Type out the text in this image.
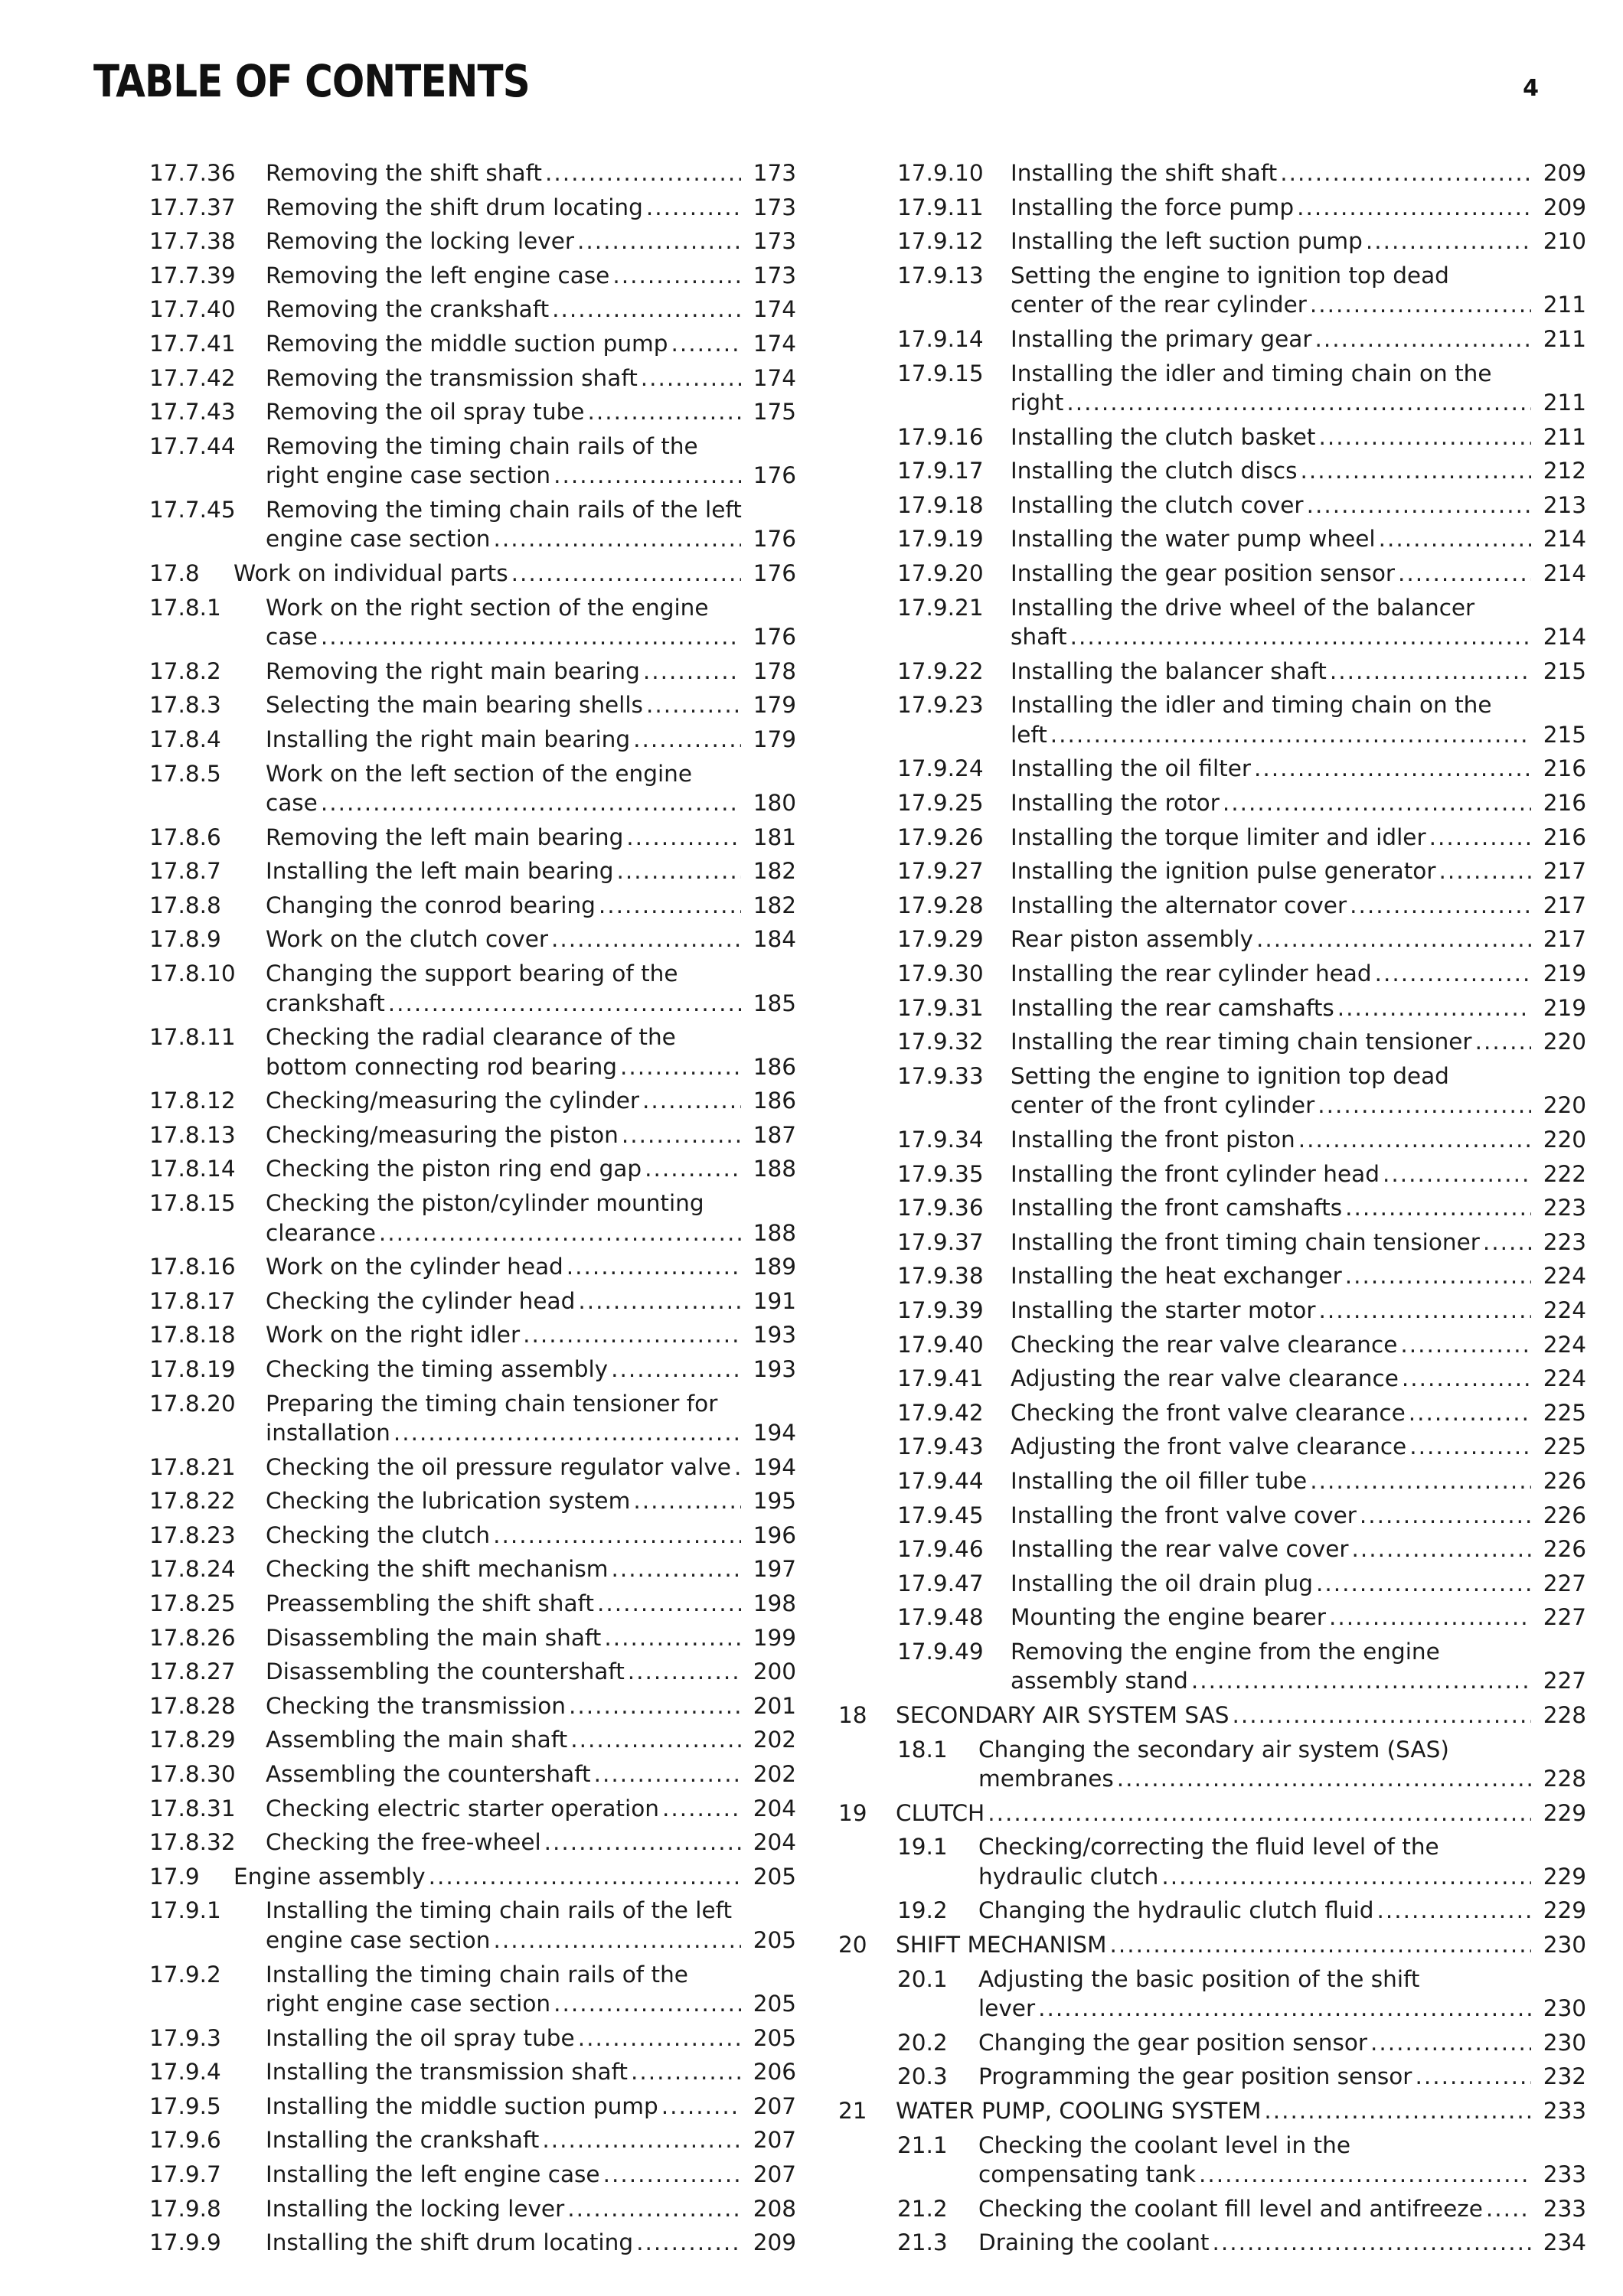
TABLE OF CONTENTS	4
17.7.36 Removing the shift shaft .....	173
17.7.37 Removing the shift drum locating .....	173
17.7.38 Removing the locking lever .....	173
17.7.39 Removing the left engine case .....	173
17.7.40 Removing the crankshaft .....	174
17.7.41 Removing the middle suction pump .....	174
17.7.42 Removing the transmission shaft .....	174
17.7.43 Removing the oil spray tube .....	175
17.7.44 Removing the timing chain rails of the
right engine case section .....	176
17.7.45 Removing the timing chain rails of the left
engine case section .....	176
17.8 Work on individual parts .....	176
17.8.1 Work on the right section of the engine
case .....	176
17.8.2 Removing the right main bearing .....	178
17.8.3 Selecting the main bearing shells .....	179
17.8.4 Installing the right main bearing .....	179
17.8.5 Work on the left section of the engine
case .....	180
17.8.6 Removing the left main bearing .....	181
17.8.7 Installing the left main bearing .....	182
17.8.8 Changing the conrod bearing .....	182
17.8.9 Work on the clutch cover .....	184
17.8.10 Changing the support bearing of the
crankshaft .....	185
17.8.11 Checking the radial clearance of the
bottom connecting rod bearing .....	186
17.8.12 Checking/measuring the cylinder .....	186
17.8.13 Checking/measuring the piston .....	187
17.8.14 Checking the piston ring end gap .....	188
17.8.15 Checking the piston/cylinder mounting
clearance .....	188
17.8.16 Work on the cylinder head .....	189
17.8.17 Checking the cylinder head .....	191
17.8.18 Work on the right idler .....	193
17.8.19 Checking the timing assembly .....	193
17.8.20 Preparing the timing chain tensioner for
installation .....	194
17.8.21 Checking the oil pressure regulator valve ..... 194
17.8.22 Checking the lubrication system .....	195
17.8.23 Checking the clutch .....	196
17.8.24 Checking the shift mechanism .....	197
17.8.25 Preassembling the shift shaft .....	198
17.8.26 Disassembling the main shaft .....	199
17.8.27 Disassembling the countershaft .....	200
17.8.28 Checking the transmission .....	201
17.8.29 Assembling the main shaft .....	202
17.8.30 Assembling the countershaft .....	202
17.8.31 Checking electric starter operation .....	204
17.8.32 Checking the free-wheel .....	204
17.9 Engine assembly .....	205
17.9.1 Installing the timing chain rails of the left
engine case section .....	205
17.9.2 Installing the timing chain rails of the
right engine case section .....	205
17.9.3 Installing the oil spray tube .....	205
17.9.4 Installing the transmission shaft .....	206
17.9.5 Installing the middle suction pump .....	207
17.9.6 Installing the crankshaft .....	207
17.9.7 Installing the left engine case .....	207
17.9.8 Installing the locking lever .....	208
17.9.9 Installing the shift drum locating .....	209
17.9.10 Installing the shift shaft .....	209
17.9.11 Installing the force pump .....	209
17.9.12 Installing the left suction pump .....	210
17.9.13 Setting the engine to ignition top dead
center of the rear cylinder .....	211
17.9.14 Installing the primary gear .....	211
17.9.15 Installing the idler and timing chain on the
right .....	211
17.9.16 Installing the clutch basket .....	211
17.9.17 Installing the clutch discs .....	212
17.9.18 Installing the clutch cover .....	213
17.9.19 Installing the water pump wheel .....	214
17.9.20 Installing the gear position sensor .....	214
17.9.21 Installing the drive wheel of the balancer
shaft .....	214
17.9.22 Installing the balancer shaft .....	215
17.9.23 Installing the idler and timing chain on the
left .....	215
17.9.24 Installing the oil filter .....	216
17.9.25 Installing the rotor .....	216
17.9.26 Installing the torque limiter and idler .....	216
17.9.27 Installing the ignition pulse generator .....	217
17.9.28 Installing the alternator cover .....	217
17.9.29 Rear piston assembly .....	217
17.9.30 Installing the rear cylinder head .....	219
17.9.31 Installing the rear camshafts .....	219
17.9.32 Installing the rear timing chain tensioner .....	220
17.9.33 Setting the engine to ignition top dead
center of the front cylinder .....	220
17.9.34 Installing the front piston .....	220
17.9.35 Installing the front cylinder head .....	222
17.9.36 Installing the front camshafts .....	223
17.9.37 Installing the front timing chain tensioner .....	223
17.9.38 Installing the heat exchanger .....	224
17.9.39 Installing the starter motor .....	224
17.9.40 Checking the rear valve clearance .....	224
17.9.41 Adjusting the rear valve clearance .....	224
17.9.42 Checking the front valve clearance .....	225
17.9.43 Adjusting the front valve clearance .....	225
17.9.44 Installing the oil filler tube .....	226
17.9.45 Installing the front valve cover .....	226
17.9.46 Installing the rear valve cover .....	226
17.9.47 Installing the oil drain plug .....	227
17.9.48 Mounting the engine bearer .....	227
17.9.49 Removing the engine from the engine
assembly stand .....	227
18 SECONDARY AIR SYSTEM SAS .....	228
18.1 Changing the secondary air system (SAS)
membranes .....	228
19 CLUTCH .....	229
19.1 Checking/correcting the fluid level of the
hydraulic clutch .....	229
19.2 Changing the hydraulic clutch fluid .....	229
20 SHIFT MECHANISM .....	230
20.1 Adjusting the basic position of the shift
lever .....	230
20.2 Changing the gear position sensor .....	230
20.3 Programming the gear position sensor .....	232
21 WATER PUMP, COOLING SYSTEM .....	233
21.1 Checking the coolant level in the
compensating tank .....	233
21.2 Checking the coolant fill level and antifreeze .....	233
21.3 Draining the coolant .....	234
